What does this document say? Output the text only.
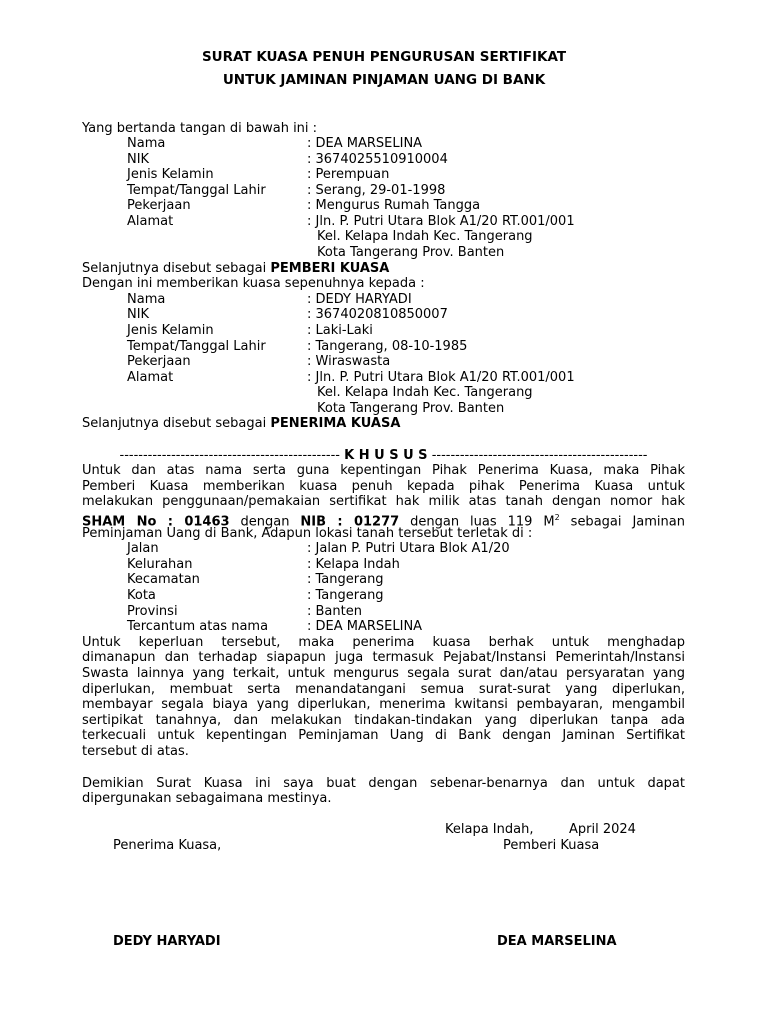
SURAT KUASA PENUH PENGURUSAN SERTIFIKAT
UNTUK JAMINAN PINJAMAN UANG DI BANK
Yang bertanda tangan di bawah ini :
Nama	: DEA MARSELINA
NIK	: 3674025510910004
Jenis Kelamin	: Perempuan
Tempat/Tanggal Lahir	: Serang, 29-01-1998
Pekerjaan	: Mengurus Rumah Tangga
Alamat	: Jln. P. Putri Utara Blok A1/20 RT.001/001
Kel. Kelapa Indah Kec. Tangerang
Kota Tangerang Prov. Banten
Selanjutnya disebut sebagai PEMBERI KUASA
Dengan ini memberikan kuasa sepenuhnya kepada :
Nama	: DEDY HARYADI
NIK	: 3674020810850007
Jenis Kelamin	: Laki-Laki
Tempat/Tanggal Lahir	: Tangerang, 08-10-1985
Pekerjaan	: Wiraswasta
Alamat	: Jln. P. Putri Utara Blok A1/20 RT.001/001
Kel. Kelapa Indah Kec. Tangerang
Kota Tangerang Prov. Banten
Selanjutnya disebut sebagai PENERIMA KUASA
----------------------------------------------- K H U S U S ----------------------------------------------
Untuk dan atas nama serta guna kepentingan Pihak Penerima Kuasa, maka Pihak
Pemberi Kuasa memberikan kuasa penuh kepada pihak Penerima Kuasa untuk
melakukan penggunaan/pemakaian sertifikat hak milik atas tanah dengan nomor hak
SHAM No : 01463 dengan NIB : 01277 dengan luas 119 $M^2$ sebagai Jaminan
Peminjaman Uang di Bank, Adapun lokasi tanah tersebut terletak di :
Jalan	: Jalan P. Putri Utara Blok A1/20
Kelurahan	: Kelapa Indah
Kecamatan	: Tangerang
Kota	: Tangerang
Provinsi	: Banten
Tercantum atas nama	: DEA MARSELINA
Untuk keperluan tersebut, maka penerima kuasa berhak untuk menghadap
dimanapun dan terhadap siapapun juga termasuk Pejabat/Instansi Pemerintah/Instansi
Swasta lainnya yang terkait, untuk mengurus segala surat dan/atau persyaratan yang
diperlukan, membuat serta menandatangani semua surat-surat yang diperlukan,
membayar segala biaya yang diperlukan, menerima kwitansi pembayaran, mengambil
sertipikat tanahnya, dan melakukan tindakan-tindakan yang diperlukan tanpa ada
terkecuali untuk kepentingan Peminjaman Uang di Bank dengan Jaminan Sertifikat
tersebut di atas.
Demikian Surat Kuasa ini saya buat dengan sebenar-benarnya dan untuk dapat
dipergunakan sebagaimana mestinya.
Kelapa Indah,	April 2024
Penerima Kuasa,	Pemberi Kuasa
DEDY HARYADI	DEA MARSELINA
